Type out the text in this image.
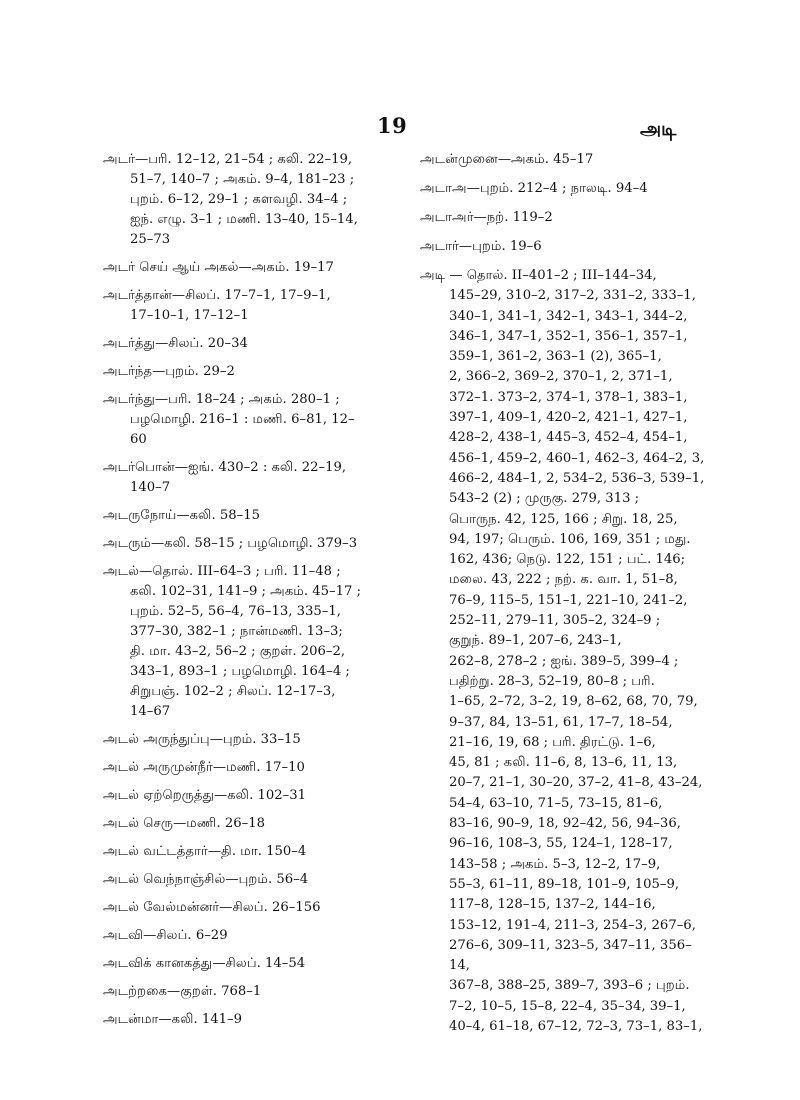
19	அடி
அடர்—பரி. 12–12, 21–54 ; கலி. 22–19,
51–7, 140–7 ; அகம். 9–4, 181–23 ;
புறம். 6–12, 29–1 ; களவழி. 34–4 ;
ஐந். எழு. 3–1 ; மணி. 13–40, 15–14,
25–73
அடர் செய் ஆய் அகல்—அகம். 19–17
அடர்த்தான்—சிலப். 17–7–1, 17–9–1,
17–10–1, 17–12–1
அடர்த்து—சிலப். 20–34
அடர்ந்த—புறம். 29–2
அடர்ந்து—பரி. 18–24 ; அகம். 280–1 ;
பழமொழி. 216–1 : மணி. 6–81, 12–
60
அடர்பொன்—ஐங். 430–2 : கலி. 22–19,
140–7
அடருநோய்—கலி. 58–15
அடரும்—கலி. 58–15 ; பழமொழி. 379–3
அடல்—தொல். III–64–3 ; பரி. 11–48 ;
கலி. 102–31, 141–9 ; அகம். 45–17 ;
புறம். 52–5, 56–4, 76–13, 335–1,
377–30, 382–1 ; நான்மணி. 13–3;
தி. மா. 43–2, 56–2 ; குறள். 206–2,
343–1, 893–1 ; பழமொழி. 164–4 ;
சிறுபஞ். 102–2 ; சிலப். 12–17–3,
14–67
அடல் அருந்துப்பு—புறம். 33–15
அடல் அருமுன்நீர்—மணி. 17–10
அடல் ஏற்றெருத்து—கலி. 102–31
அடல் செரு—மணி. 26–18
அடல் வட்டத்தார்—தி. மா. 150–4
அடல் வெந்நாஞ்சில்—புறம். 56–4
அடல் வேல்மன்னர்—சிலப். 26–156
அடவி—சிலப். 6–29
அடவிக் கானகத்து—சிலப். 14–54
அடற்றகை—குறள். 768–1
அடன்மா—கலி. 141–9
அடன்முனை—அகம். 45–17
அடாஅ—புறம். 212–4 ; நாலடி. 94–4
அடாஅர்—நற். 119–2
அடார்—புறம். 19–6
அடி — தொல். II–401–2 ; III–144–34,
145–29, 310–2, 317–2, 331–2, 333–1,
340–1, 341–1, 342–1, 343–1, 344–2,
346–1, 347–1, 352–1, 356–1, 357–1,
359–1, 361–2, 363–1 (2), 365–1,
2, 366–2, 369–2, 370–1, 2, 371–1,
372–1. 373–2, 374–1, 378–1, 383–1,
397–1, 409–1, 420–2, 421–1, 427–1,
428–2, 438–1, 445–3, 452–4, 454–1,
456–1, 459–2, 460–1, 462–3, 464–2, 3,
466–2, 484–1, 2, 534–2, 536–3, 539–1,
543–2 (2) ; முருகு. 279, 313 ;
பொருந. 42, 125, 166 ; சிறு. 18, 25,
94, 197; பெரும். 106, 169, 351 ; மது.
162, 436; நெடு. 122, 151 ; பட். 146;
மலை. 43, 222 ; நற். க. வா. 1, 51–8,
76–9, 115–5, 151–1, 221–10, 241–2,
252–11, 279–11, 305–2, 324–9 ;
குறுந். 89–1, 207–6, 243–1,
262–8, 278–2 ; ஐங். 389–5, 399–4 ;
பதிற்று. 28–3, 52–19, 80–8 ; பரி.
1–65, 2–72, 3–2, 19, 8–62, 68, 70, 79,
9–37, 84, 13–51, 61, 17–7, 18–54,
21–16, 19, 68 ; பரி. திரட்டு. 1–6,
45, 81 ; கலி. 11–6, 8, 13–6, 11, 13,
20–7, 21–1, 30–20, 37–2, 41–8, 43–24,
54–4, 63–10, 71–5, 73–15, 81–6,
83–16, 90–9, 18, 92–42, 56, 94–36,
96–16, 108–3, 55, 124–1, 128–17,
143–58 ; அகம். 5–3, 12–2, 17–9,
55–3, 61–11, 89–18, 101–9, 105–9,
117–8, 128–15, 137–2, 144–16,
153–12, 191–4, 211–3, 254–3, 267–6,
276–6, 309–11, 323–5, 347–11, 356–14,
367–8, 388–25, 389–7, 393–6 ; புறம்.
7–2, 10–5, 15–8, 22–4, 35–34, 39–1,
40–4, 61–18, 67–12, 72–3, 73–1, 83–1,
